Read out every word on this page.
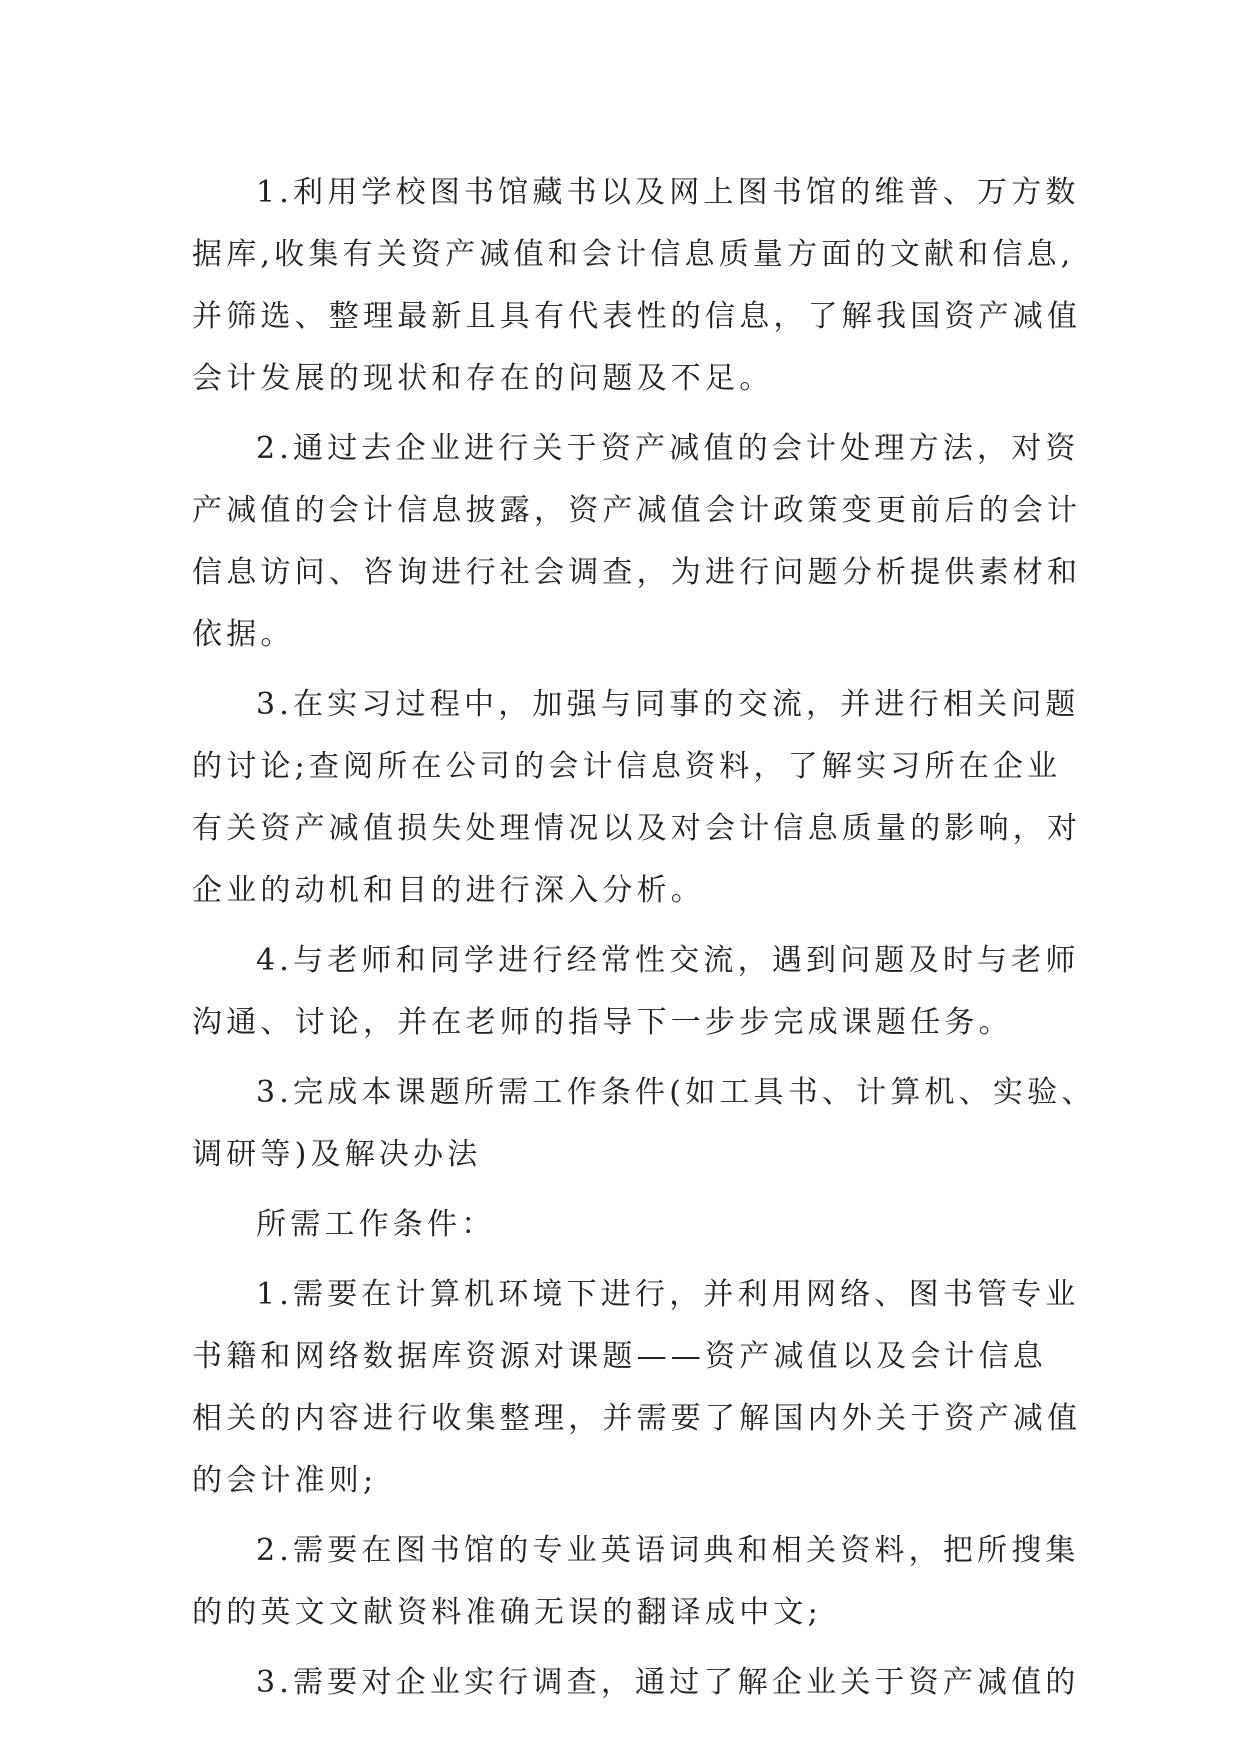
1.利用学校图书馆藏书以及网上图书馆的维普、万方数
据库,收集有关资产减值和会计信息质量方面的文献和信息,
并筛选、整理最新且具有代表性的信息，了解我国资产减值
会计发展的现状和存在的问题及不足。
2.通过去企业进行关于资产减值的会计处理方法，对资
产减值的会计信息披露，资产减值会计政策变更前后的会计
信息访问、咨询进行社会调查，为进行问题分析提供素材和
依据。
3.在实习过程中，加强与同事的交流，并进行相关问题
的讨论;查阅所在公司的会计信息资料，了解实习所在企业
有关资产减值损失处理情况以及对会计信息质量的影响，对
企业的动机和目的进行深入分析。
4.与老师和同学进行经常性交流，遇到问题及时与老师
沟通、讨论，并在老师的指导下一步步完成课题任务。
3.完成本课题所需工作条件(如工具书、计算机、实验、
调研等)及解决办法
所需工作条件：
1.需要在计算机环境下进行，并利用网络、图书管专业
书籍和网络数据库资源对课题——资产减值以及会计信息
相关的内容进行收集整理，并需要了解国内外关于资产减值
的会计准则;
2.需要在图书馆的专业英语词典和相关资料，把所搜集
的的英文文献资料准确无误的翻译成中文;
3.需要对企业实行调查，通过了解企业关于资产减值的
